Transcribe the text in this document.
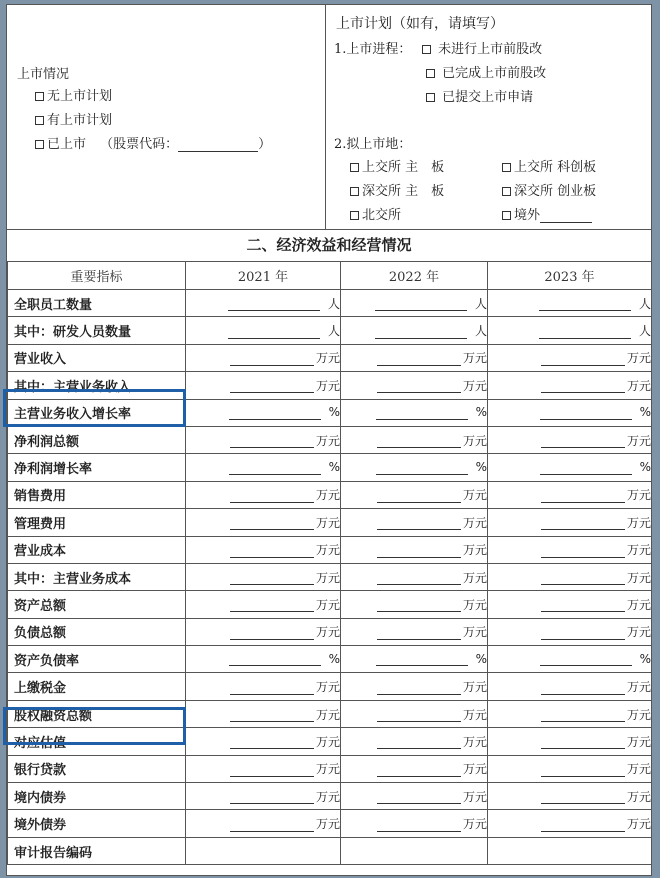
上市情况
无上市计划
有上市计划
已上市 （股票代码：	）
上市计划（如有，请填写）
1.上市进程：	未进行上市前股改
已完成上市前股改
已提交上市申请
2.拟上市地：
上交所 主　板
深交所 主　板
北交所
上交所 科创板
深交所 创业板
境外
二、经济效益和经营情况
重要指标	2021 年	2022 年	2023 年
全职员工数量	人	人	人
其中：研发人员数量	人	人	人
营业收入	万元	万元	万元
其中：主营业务收入	万元	万元	万元
主营业务收入增长率	%	%	%
净利润总额	万元	万元	万元
净利润增长率	%	%	%
销售费用	万元	万元	万元
管理费用	万元	万元	万元
营业成本	万元	万元	万元
其中：主营业务成本	万元	万元	万元
资产总额	万元	万元	万元
负债总额	万元	万元	万元
资产负债率	%	%	%
上缴税金	万元	万元	万元
股权融资总额	万元	万元	万元
对应估值	万元	万元	万元
银行贷款	万元	万元	万元
境内债券	万元	万元	万元
境外债券	万元	万元	万元
审计报告编码			
